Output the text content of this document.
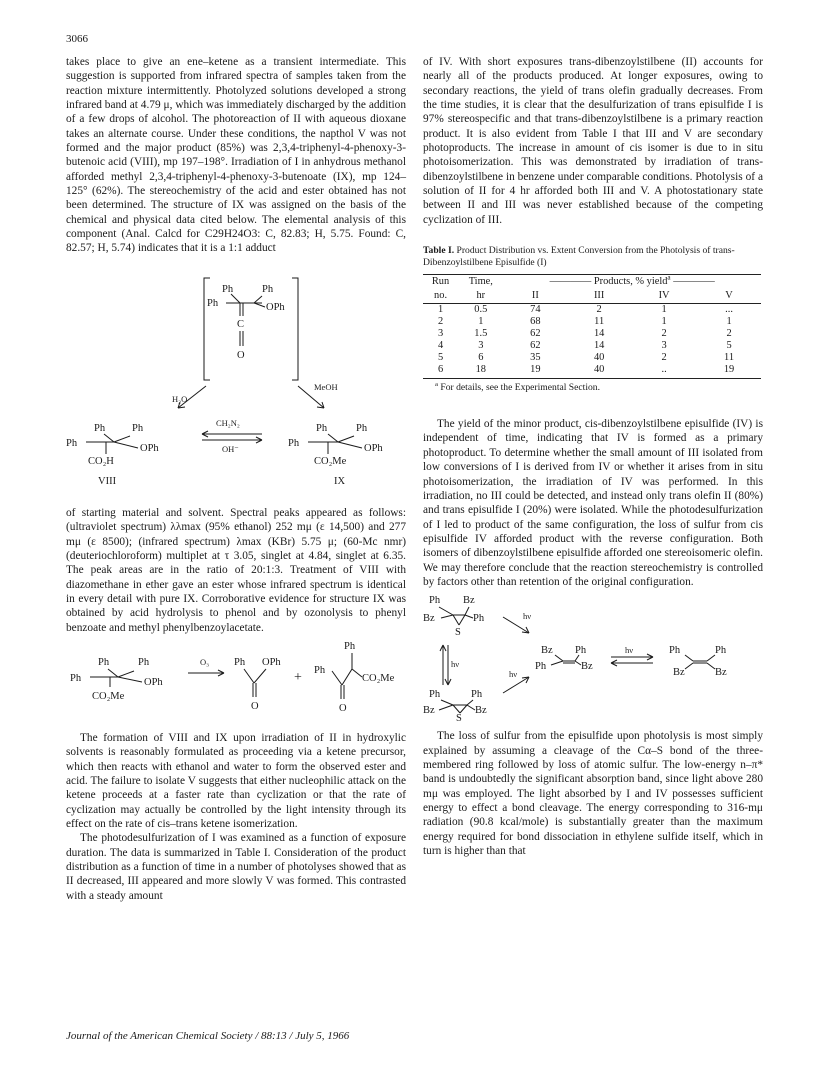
3066

takes place to give an ene–ketene as a transient intermediate. This suggestion is supported from infrared spectra of samples taken from the reaction mixture intermittently. Photolyzed solutions developed a strong infrared band at 4.79 μ, which was immediately discharged by the addition of a few drops of alcohol. The photoreaction of II with aqueous dioxane takes an alternate course. Under these conditions, the napthol V was not formed and the major product (85%) was 2,3,4-triphenyl-4-phenoxy-3-butenoic acid (VIII), mp 197–198°. Irradiation of I in anhydrous methanol afforded methyl 2,3,4-triphenyl-4-phenoxy-3-butenoate (IX), mp 124–125° (62%). The stereochemistry of the acid and ester obtained has not been determined. The structure of IX was assigned on the basis of the chemical and physical data cited below. The elemental analysis of this component (Anal. Calcd for C29H24O3: C, 82.83; H, 5.75. Found: C, 82.57; H, 5.74) indicates that it is a 1:1 adduct

Ph	Ph
Ph	OPh
C
O
H₂O
MeOH
Ph	Ph
Ph	OPh
CO₂H
VIII
CH₂N₂
OH⁻
Ph	Ph
Ph	OPh
CO₂Me
IX

of starting material and solvent. Spectral peaks appeared as follows: (ultraviolet spectrum) λλmax (95% ethanol) 252 mμ (ε 14,500) and 277 mμ (ε 8500); (infrared spectrum) λmax (KBr) 5.75 μ; (60-Mc nmr) (deuteriochloroform) multiplet at τ 3.05, singlet at 4.84, singlet at 6.35. The peak areas are in the ratio of 20:1:3. Treatment of VIII with diazomethane in ether gave an ester whose infrared spectrum is identical in every detail with pure IX. Corroborative evidence for structure IX was obtained by acid hydrolysis to phenol and by ozonolysis to phenyl benzoate and methyl phenylbenzoylacetate.

Ph	Ph
Ph	OPh
CO₂Me
O₃ Ph OPh
O
+
Ph
Ph
CO₂Me
O

The formation of VIII and IX upon irradiation of II in hydroxylic solvents is reasonably formulated as proceeding via a ketene precursor, which then reacts with ethanol and water to form the observed ester and acid. The failure to isolate V suggests that either nucleophilic attack on the ketene proceeds at a faster rate than cyclization or that the rate of cyclization may actually be controlled by the light intensity through its effect on the rate of cis–trans ketene isomerization.

The photodesulfurization of I was examined as a function of exposure duration. The data is summarized in Table I. Consideration of the product distribution as a function of time in a number of photolyses showed that as II decreased, III appeared and more slowly V was formed. This contrasted with a steady amount

of IV. With short exposures trans-dibenzoylstilbene (II) accounts for nearly all of the products produced. At longer exposures, owing to secondary reactions, the yield of trans olefin gradually decreases. From the time studies, it is clear that the desulfurization of trans episulfide I is 97% stereospecific and that trans-dibenzoylstilbene is a primary reaction product. It is also evident from Table I that III and V are secondary photoproducts. The increase in amount of cis isomer is due to in situ photoisomerization. This was demonstrated by irradiation of trans-dibenzoylstilbene in benzene under comparable conditions. Photolysis of a solution of II for 4 hr afforded both III and V. A photostationary state between II and III was never established because of the competing cyclization of III.

Table I. Product Distribution vs. Extent Conversion from the Photolysis of trans-Dibenzoylstilbene Episulfide (I)

Run	Time,	———— Products, % yield$^a$ ————			
no.	hr	II	III	IV	V
1	0.5	74	2	1	...
2	1	68	11	1	1
3	1.5	62	14	2	2
4	3	62	14	3	5
5	6	35	40	2	11
6	18	19	40	..	19

$^a$ For details, see the Experimental Section.

The yield of the minor product, cis-dibenzoylstilbene episulfide (IV) is independent of time, indicating that IV is formed as a primary photoproduct. To determine whether the small amount of III isolated from low conversions of I is derived from IV or whether it arises from in situ photoisomerization, the irradiation of IV was performed. In this irradiation, no III could be detected, and instead only trans olefin II (80%) and trans episulfide I (20%) were isolated. While the photodesulfurization of I led to product of the same configuration, the loss of sulfur from cis episulfide IV afforded product with the reverse configuration. Both isomers of dibenzoylstilbene episulfide afforded one stereoisomeric olefin. We may therefore conclude that the reaction stereochemistry is controlled by factors other than retention of the original configuration.

Ph Bz
Bz	Ph
S
hν
hν
Ph	Ph
Bz	Bz
S
hν
Bz Ph
Ph	Bz
hν	Ph	Ph
Bz	Bz

The loss of sulfur from the episulfide upon photolysis is most simply explained by assuming a cleavage of the Cα–S bond of the three-membered ring followed by loss of atomic sulfur. The low-energy n–π* band is undoubtedly the significant absorption band, since light above 280 mμ was employed. The light absorbed by I and IV possesses sufficient energy to effect a bond cleavage. The energy corresponding to 316-mμ radiation (90.8 kcal/mole) is substantially greater than the maximum energy required for bond dissociation in ethylene sulfide itself, which in turn is higher than that

Journal of the American Chemical Society / 88:13 / July 5, 1966
